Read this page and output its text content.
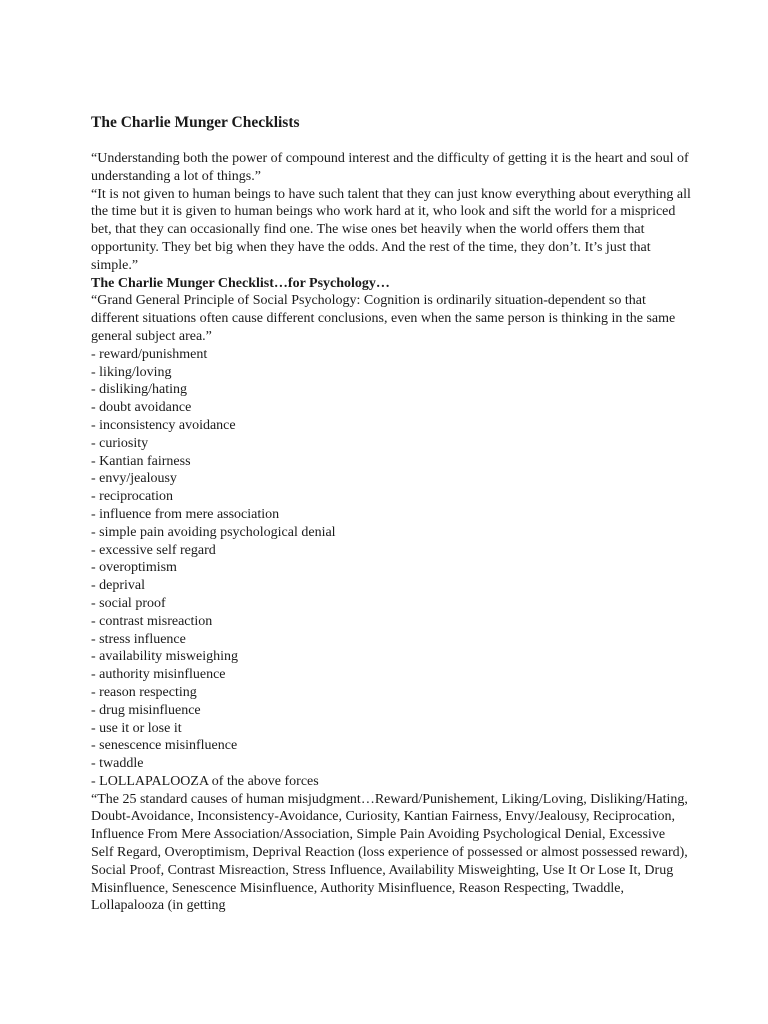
The Charlie Munger Checklists

“Understanding both the power of compound interest and the difficulty of getting it is the heart and soul of understanding a lot of things.”

“It is not given to human beings to have such talent that they can just know everything about everything all the time but it is given to human beings who work hard at it, who look and sift the world for a mispriced bet, that they can occasionally find one. The wise ones bet heavily when the world offers them that opportunity. They bet big when they have the odds. And the rest of the time, they don’t. It’s just that simple.”

The Charlie Munger Checklist…for Psychology…

“Grand General Principle of Social Psychology: Cognition is ordinarily situation-dependent so that different situations often cause different conclusions, even when the same person is thinking in the same general subject area.”

- reward/punishment
- liking/loving
- disliking/hating
- doubt avoidance
- inconsistency avoidance
- curiosity
- Kantian fairness
- envy/jealousy
- reciprocation
- influence from mere association
- simple pain avoiding psychological denial
- excessive self regard
- overoptimism
- deprival
- social proof
- contrast misreaction
- stress influence
- availability misweighing
- authority misinfluence
- reason respecting
- drug misinfluence
- use it or lose it
- senescence misinfluence
- twaddle
- LOLLAPALOOZA of the above forces

“The 25 standard causes of human misjudgment…Reward/Punishement, Liking/Loving, Disliking/Hating, Doubt-Avoidance, Inconsistency-Avoidance, Curiosity, Kantian Fairness, Envy/Jealousy, Reciprocation, Influence From Mere Association/Association, Simple Pain Avoiding Psychological Denial, Excessive Self Regard, Overoptimism, Deprival Reaction (loss experience of possessed or almost possessed reward), Social Proof, Contrast Misreaction, Stress Influence, Availability Misweighting, Use It Or Lose It, Drug Misinfluence, Senescence Misinfluence, Authority Misinfluence, Reason Respecting, Twaddle, Lollapalooza (in getting
